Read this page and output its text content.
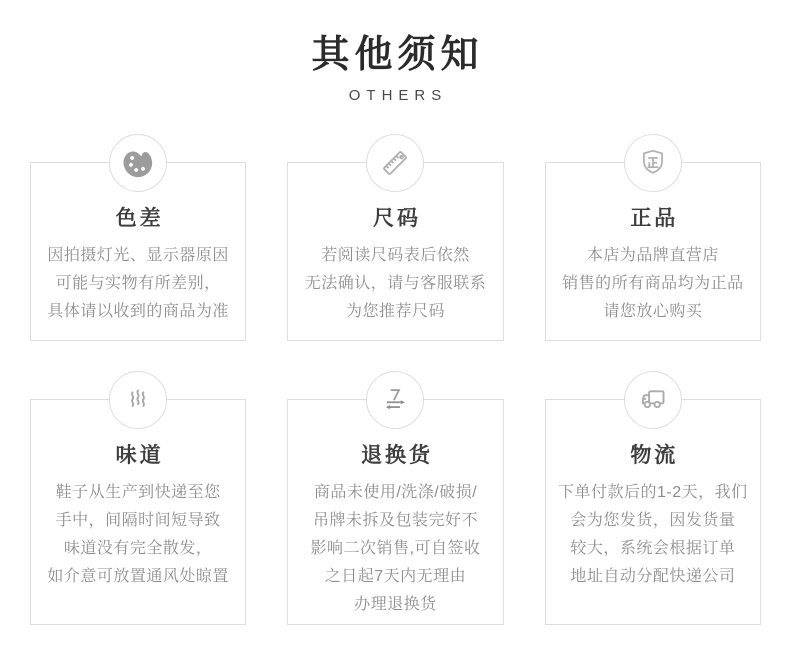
其他须知
OTHERS
色差

因拍摄灯光、显示器原因

可能与实物有所差别，

具体请以收到的商品为准

尺码

若阅读尺码表后依然

无法确认，请与客服联系

为您推荐尺码

正品

本店为品牌直营店

销售的所有商品均为正品

请您放心购买

味道

鞋子从生产到快递至您

手中，间隔时间短导致

味道没有完全散发，

如介意可放置通风处晾置

退换货

商品未使用/洗涤/破损/

吊牌未拆及包装完好不

影响二次销售,可自签收

之日起7天内无理由

办理退换货

物流

下单付款后的1-2天，我们

会为您发货，因发货量

较大，系统会根据订单

地址自动分配快递公司
